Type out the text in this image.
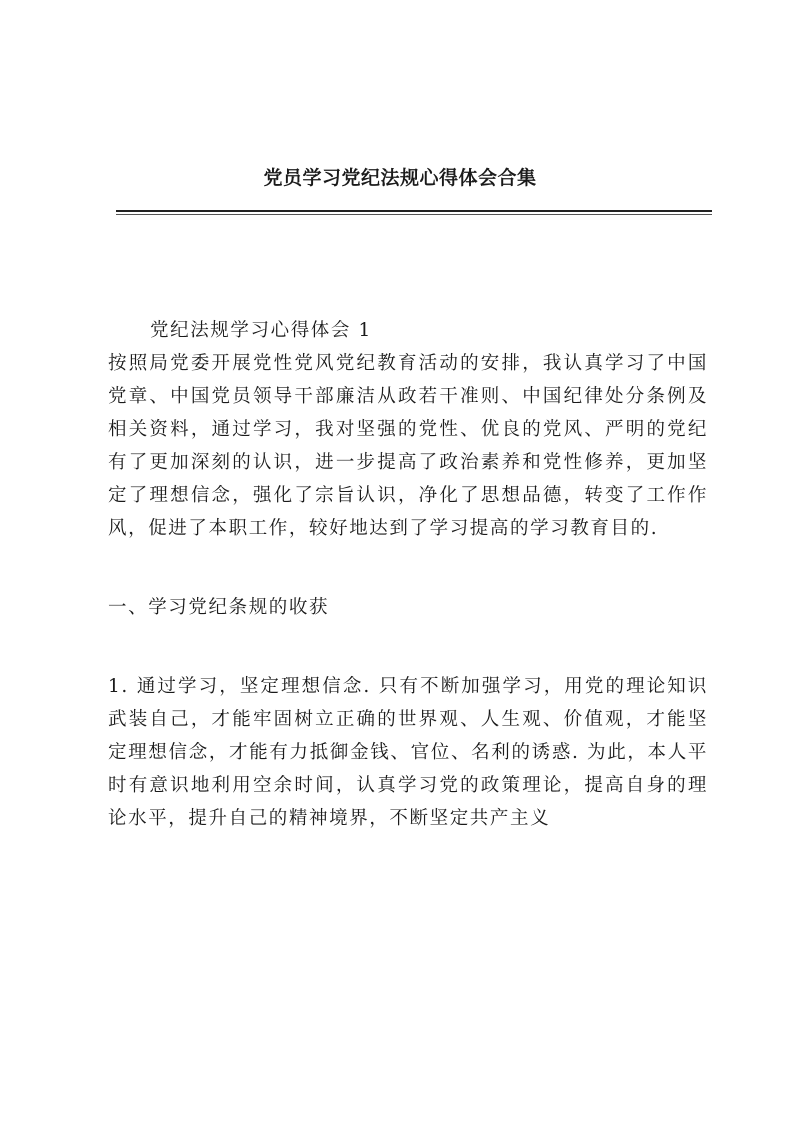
党员学习党纪法规心得体会合集

党纪法规学习心得体会 1

按照局党委开展党性党风党纪教育活动的安排，我认真学习了中国党章、中国党员领导干部廉洁从政若干准则、中国纪律处分条例及相关资料，通过学习，我对坚强的党性、优良的党风、严明的党纪有了更加深刻的认识，进一步提高了政治素养和党性修养，更加坚定了理想信念，强化了宗旨认识，净化了思想品德，转变了工作作风，促进了本职工作，较好地达到了学习提高的学习教育目的.

一、学习党纪条规的收获

1. 通过学习，坚定理想信念. 只有不断加强学习，用党的理论知识武装自己，才能牢固树立正确的世界观、人生观、价值观，才能坚定理想信念，才能有力抵御金钱、官位、名利的诱惑. 为此，本人平时有意识地利用空余时间，认真学习党的政策理论，提高自身的理论水平，提升自己的精神境界，不断坚定共产主义
